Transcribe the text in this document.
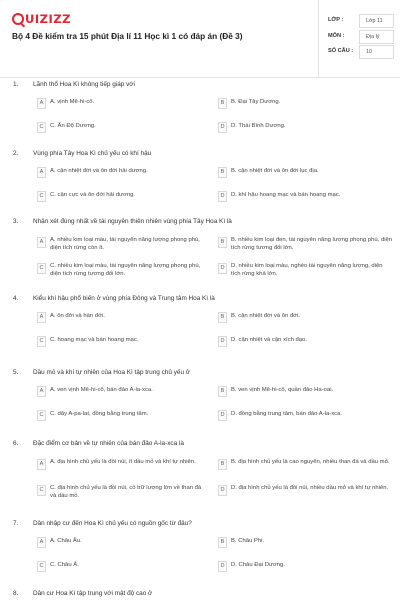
UIZIZZ
Bộ 4 Đề kiểm tra 15 phút Địa lí 11 Học kì 1 có đáp án (Đề 3)
LỚP :	Lớp 11
MÔN :	Địa lý
SỐ CÂU :	10
1. Lãnh thổ Hoa Kì không tiếp giáp với
A	A. vịnh Mê-hi-cô.	B	B. Đại Tây Dương.
C	C. Ấn Độ Dương.	D	D. Thái Bình Dương.
2. Vùng phía Tây Hoa Kì chủ yếu có khí hậu
A	A. cận nhiệt đới và ôn đới hải dương.	B	B. cận nhiệt đới và ôn đới lục địa.
C	C. cận cực và ôn đới hải dương.	D	D. khí hậu hoang mạc và bán hoang mạc.
3. Nhận xét đúng nhất về tài nguyên thiên nhiên vùng phía Tây Hoa Kì là
A	A. nhiều kim loại màu, tài nguyên năng lượng phong phú, diện tích rừng còn ít.
B	B. nhiều kim loại đen, tài nguyên năng lượng phong phú, diện tích rừng tương đối lớn.
C	C. nhiều kim loại màu, tài nguyên năng lượng phong phú, diện tích rừng tương đối lớn.
D	D. nhiều kim loại màu, nghèo tài nguyên năng lượng, diện tích rừng khá lớn.
4. Kiểu khí hậu phổ biến ở vùng phía Đông và Trung tâm Hoa Kì là
A	A. ôn đới và hàn đới.	B	B. cận nhiệt đới và ôn đới.
C	C. hoang mạc và bán hoang mạc.	D	D. cận nhiệt và cận xích đạo.
5. Dầu mỏ và khí tự nhiên của Hoa Kì tập trung chủ yếu ở
A	A. ven vịnh Mê-hi-cô, bán đảo A-la-xca.	B	B. ven vịnh Mê-hi-cô, quần đảo Ha-oai.
C	C. dãy A-pa-lat, đồng bằng trung tâm.	D	D. đồng bằng trung tâm, bán đảo A-la-xca.
6. Đặc điểm cơ bản về tự nhiên của bán đảo A-la-xca là
A	A. địa hình chủ yếu là đồi núi, ít dầu mỏ và khí tự nhiên.	B	B. địa hình chủ yếu là cao nguyên, nhiều than đá và dầu mỏ.
C	C. địa hình chủ yếu là đồi núi, có trữ lượng lớn về than đá và dầu mỏ.
D	D. địa hình chủ yếu là đồi núi, nhiều dầu mỏ và khí tự nhiên.
7. Dân nhập cư đến Hoa Kì chủ yếu có nguồn gốc từ đâu?
A	A. Châu Âu.	B	B. Châu Phi.
C	C. Châu Á.	D	D. Châu Đại Dương.
8. Dân cư Hoa Kì tập trung với mật độ cao ở
